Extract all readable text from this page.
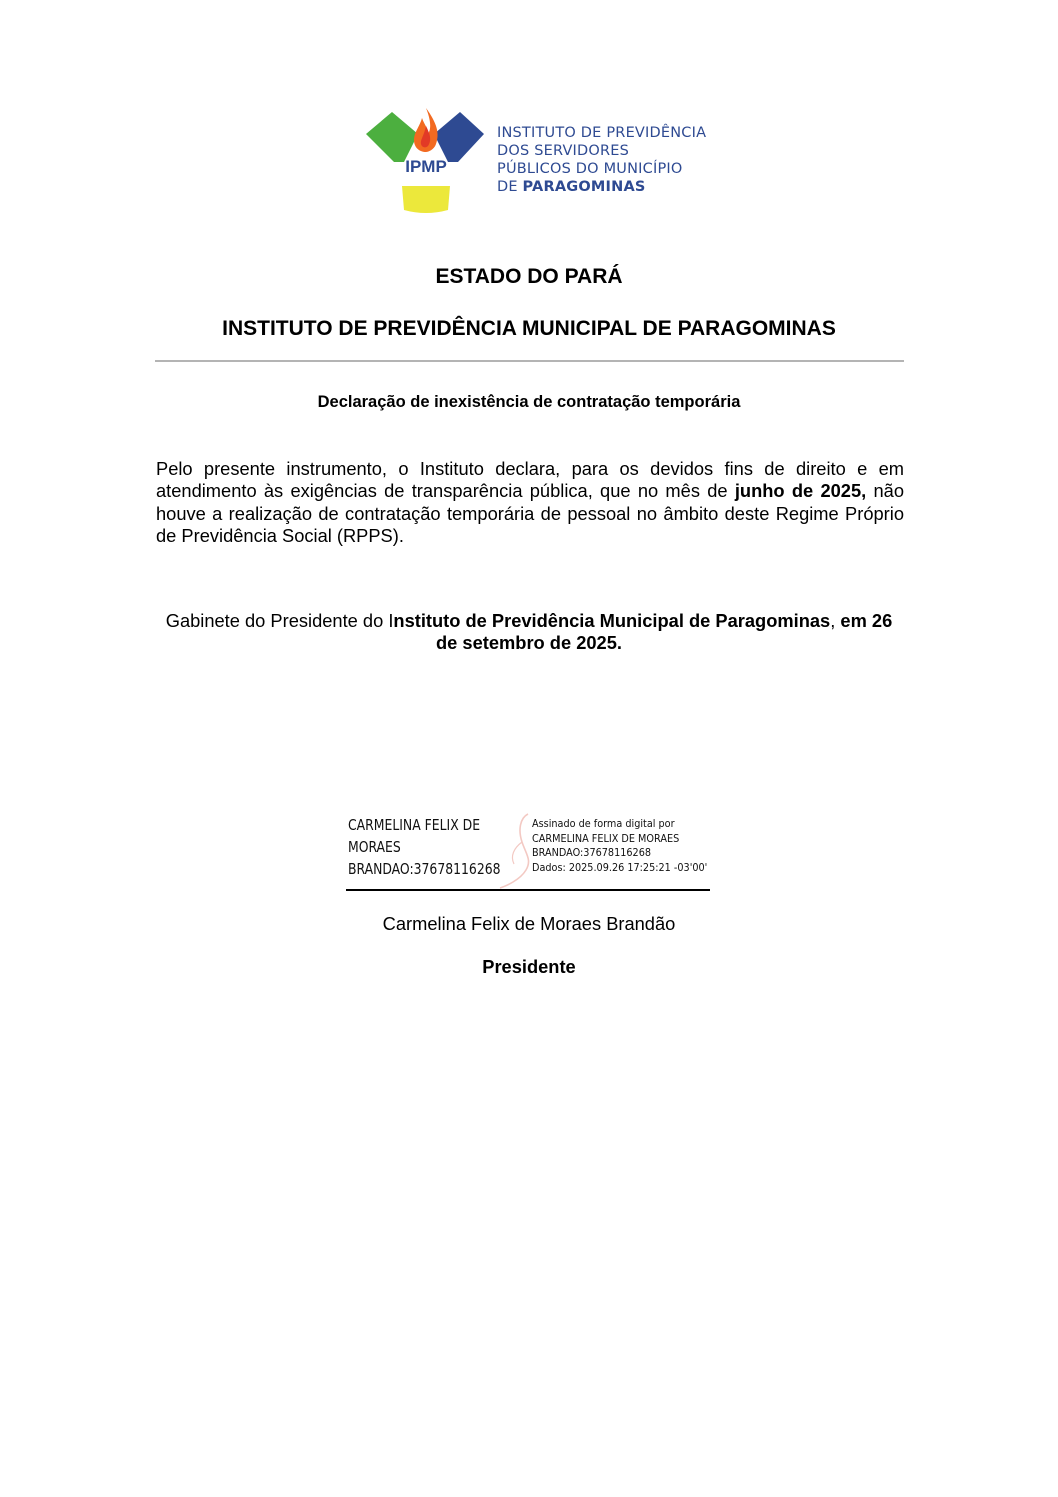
IPMP
INSTITUTO DE PREVIDÊNCIA
DOS SERVIDORES
PÚBLICOS DO MUNICÍPIO
DE PARAGOMINAS
ESTADO DO PARÁ
INSTITUTO DE PREVIDÊNCIA MUNICIPAL DE PARAGOMINAS
Declaração de inexistência de contratação temporária

Pelo presente instrumento, o Instituto declara, para os devidos fins de direito e em atendimento às exigências de transparência pública, que no mês de junho de 2025, não houve a realização de contratação temporária de pessoal no âmbito deste Regime Próprio de Previdência Social (RPPS).

Gabinete do Presidente do Instituto de Previdência Municipal de Paragominas, em 26 de setembro de 2025.

CARMELINA FELIX DE
MORAES
BRANDAO:37678116268
Assinado de forma digital por
CARMELINA FELIX DE MORAES
BRANDAO:37678116268
Dados: 2025.09.26 17:25:21 -03'00'
Carmelina Felix de Moraes Brandão
Presidente
